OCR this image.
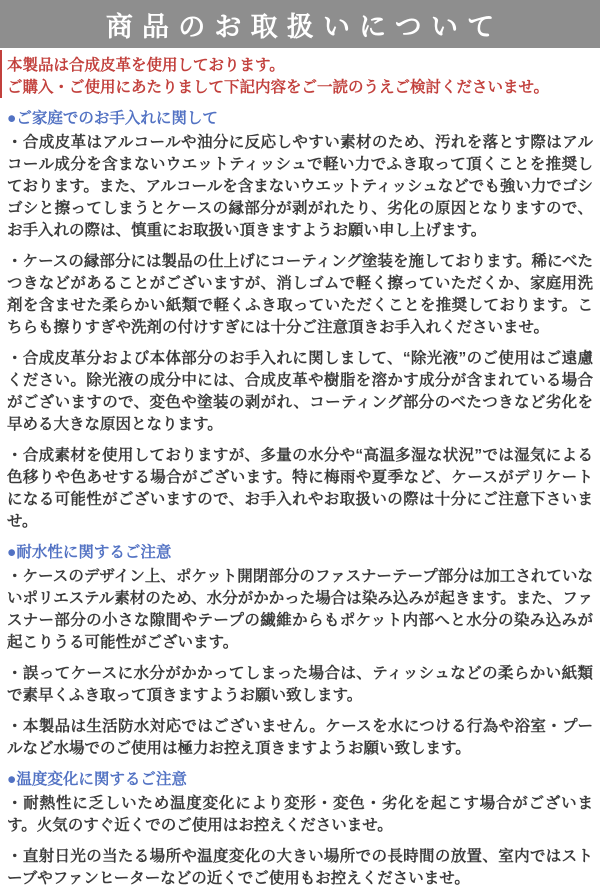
商品のお取扱いについて

本製品は合成皮革を使用しております。
ご購入・ご使用にあたりまして下記内容をご一読のうえご検討くださいませ。

●ご家庭でのお手入れに関して

・合成皮革はアルコールや油分に反応しやすい素材のため、汚れを落とす際はアルコール成分を含まないウエットティッシュで軽い力でふき取って頂くことを推奨しております。また、アルコールを含まないウエットティッシュなどでも強い力でゴシゴシと擦ってしまうとケースの縁部分が剥がれたり、劣化の原因となりますので、お手入れの際は、慎重にお取扱い頂きますようお願い申し上げます。

・ケースの縁部分には製品の仕上げにコーティング塗装を施しております。稀にべたつきなどがあることがございますが、消しゴムで軽く擦っていただくか、家庭用洗剤を含ませた柔らかい紙類で軽くふき取っていただくことを推奨しております。こちらも擦りすぎや洗剤の付けすぎには十分ご注意頂きお手入れくださいませ。

・合成皮革分および本体部分のお手入れに関しまして、“除光液”のご使用はご遠慮ください。除光液の成分中には、合成皮革や樹脂を溶かす成分が含まれている場合がございますので、変色や塗装の剥がれ、コーティング部分のべたつきなど劣化を早める大きな原因となります。

・合成素材を使用しておりますが、多量の水分や“高温多湿な状況”では湿気による色移りや色あせする場合がございます。特に梅雨や夏季など、ケースがデリケートになる可能性がございますので、お手入れやお取扱いの際は十分にご注意下さいませ。

●耐水性に関するご注意

・ケースのデザイン上、ポケット開閉部分のファスナーテープ部分は加工されていないポリエステル素材のため、水分がかかった場合は染み込みが起きます。また、ファスナー部分の小さな隙間やテープの繊維からもポケット内部へと水分の染み込みが起こりうる可能性がございます。

・誤ってケースに水分がかかってしまった場合は、ティッシュなどの柔らかい紙類で素早くふき取って頂きますようお願い致します。

・本製品は生活防水対応ではございません。ケースを水につける行為や浴室・プールなど水場でのご使用は極力お控え頂きますようお願い致します。

●温度変化に関するご注意

・耐熱性に乏しいため温度変化により変形・変色・劣化を起こす場合がございます。火気のすぐ近くでのご使用はお控えくださいませ。

・直射日光の当たる場所や温度変化の大きい場所での長時間の放置、室内ではストーブやファンヒーターなどの近くでご使用もお控えくださいませ。
